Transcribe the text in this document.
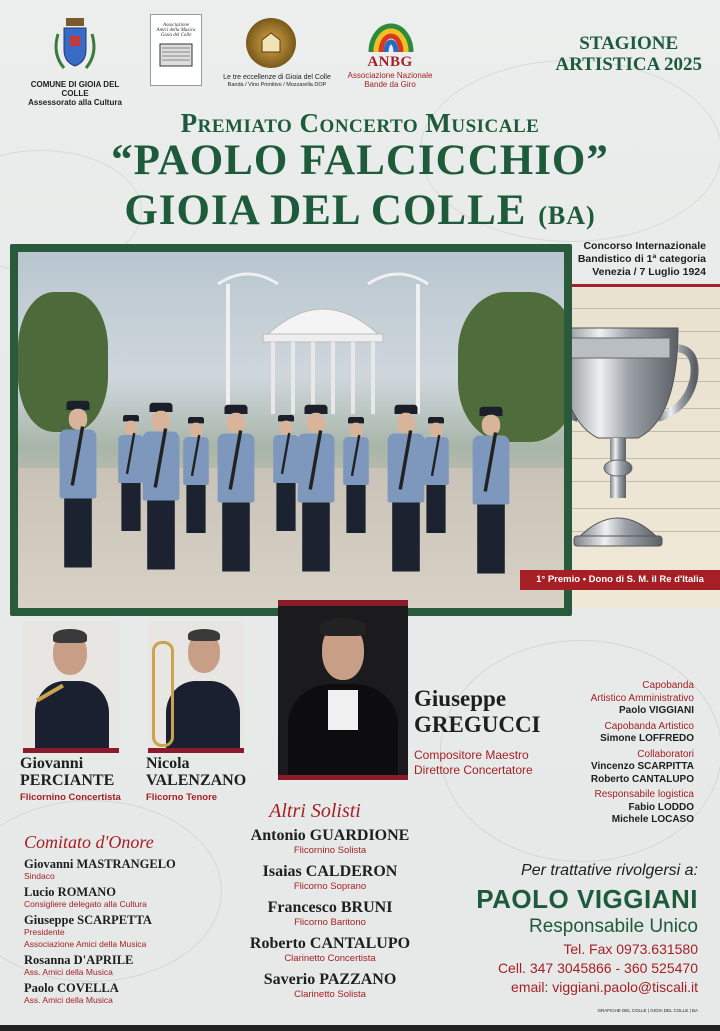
COMUNE DI GIOIA DEL COLLE
Assessorato alla Cultura
Associazione
Amici della Musica
Gioia del Colle
Le tre eccellenze di Gioia del Colle
Banda / Vino Primitivo / Mozzarella DOP
ANBG
Associazione Nazionale
Bande da Giro
STAGIONE
ARTISTICA 2025
Premiato Concerto Musicale
“PAOLO FALCICCHIO”
GIOIA DEL COLLE (BA)
Concorso Internazionale
Bandistico di 1ª categoria
Venezia / 7 Luglio 1924
1° Premio • Dono di S. M. il Re d'Italia
Giovanni
PERCIANTE
Flicornino Concertista
Nicola
VALENZANO
Flicorno Tenore
Giuseppe
GREGUCCI
Compositore Maestro
Direttore Concertatore
Capobanda
Artistico Amministrativo
Paolo VIGGIANI
Capobanda Artistico
Simone LOFFREDO
Collaboratori
Vincenzo SCARPITTA
Roberto CANTALUPO
Responsabile logistica
Fabio LODDO
Michele LOCASO
Comitato d'Onore
Giovanni MASTRANGELO
Sindaco
Lucio ROMANO
Consigliere delegato alla Cultura
Giuseppe SCARPETTA
Presidente
Associazione Amici della Musica
Rosanna D'APRILE
Ass. Amici della Musica
Paolo COVELLA
Ass. Amici della Musica
Altri Solisti
Antonio GUARDIONE
Flicornino Solista
Isaias CALDERON
Flicorno Soprano
Francesco BRUNI
Flicorno Baritono
Roberto CANTALUPO
Clarinetto Concertista
Saverio PAZZANO
Clarinetto Solista
Per trattative rivolgersi a:
PAOLO VIGGIANI
Responsabile Unico
Tel. Fax 0973.631580
Cell. 347 3045866 - 360 525470
email: viggiani.paolo@tiscali.it
GRAFICHE DEL COLLE | GIOIA DEL COLLE | BA
